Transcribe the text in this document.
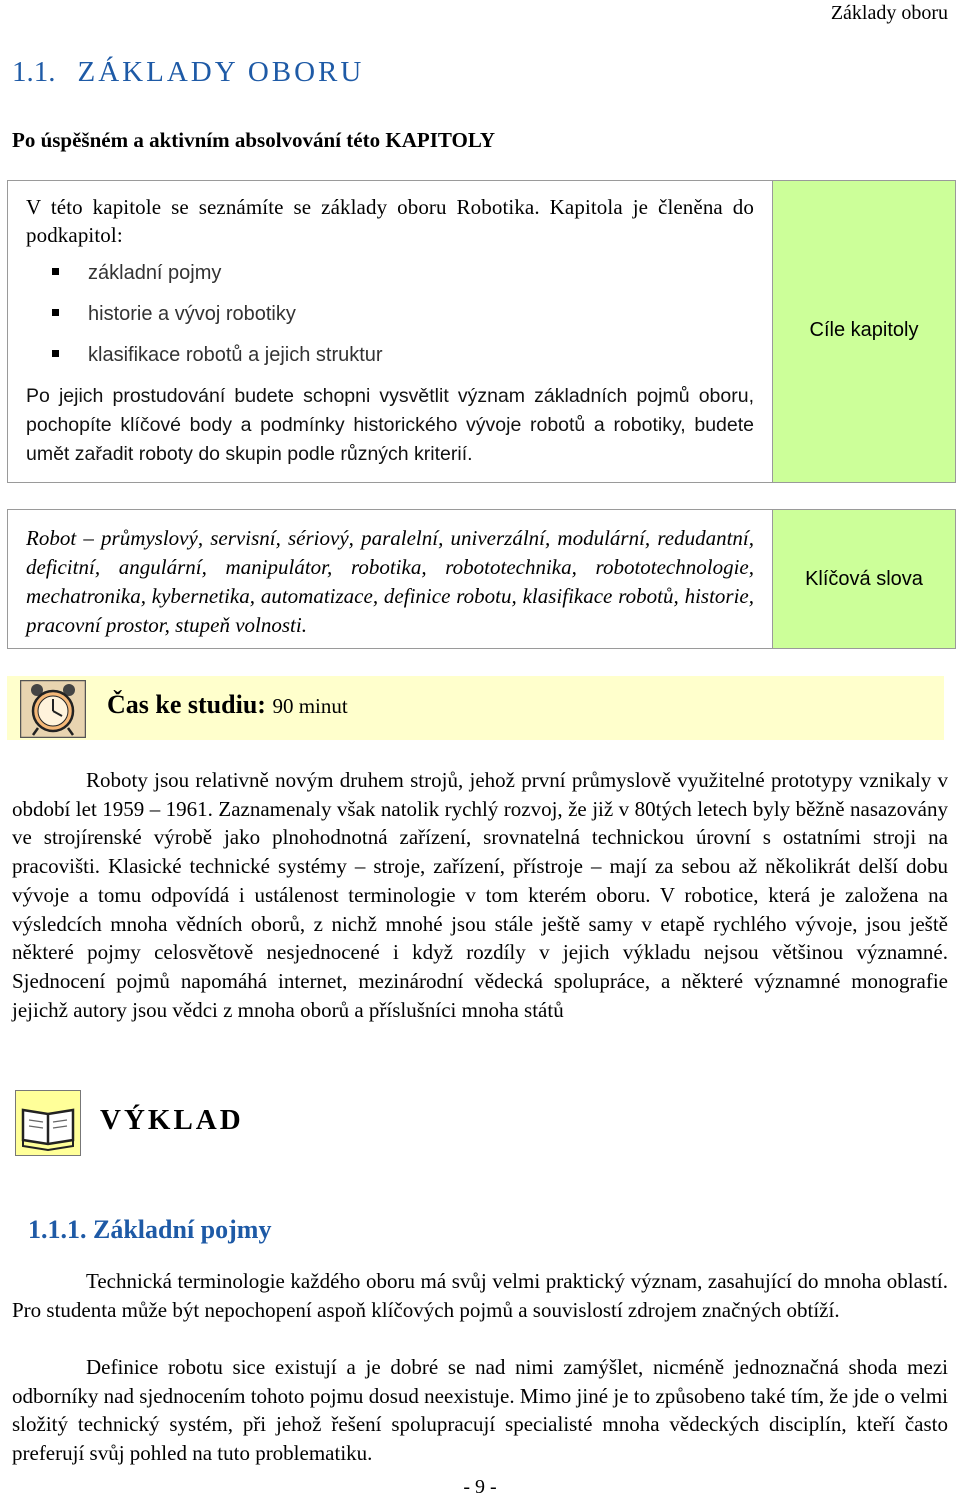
Základy oboru
1.1. ZÁKLADY OBORU
Po úspěšném a aktivním absolvování této KAPITOLY

V této kapitole se seznámíte se základy oboru Robotika. Kapitola je členěna do podkapitol:

základní pojmy
historie a vývoj robotiky
klasifikace robotů a jejich struktur

Po jejich prostudování budete schopni vysvětlit význam základních pojmů oboru, pochopíte klíčové body a podmínky historického vývoje robotů a robotiky, budete umět zařadit roboty do skupin podle různých kriterií.

Cíle kapitoly

Robot – průmyslový, servisní, sériový, paralelní, univerzální, modulární, redudantní, deficitní, angulární, manipulátor, robotika, robototechnika, robototechnologie, mechatronika, kybernetika, automatizace, definice robotu, klasifikace robotů, historie, pracovní prostor, stupeň volnosti.

Klíčová slova
Čas ke studiu: 90 minut

Roboty jsou relativně novým druhem strojů, jehož první průmyslově využitelné prototypy vznikaly v období let 1959 – 1961. Zaznamenaly však natolik rychlý rozvoj, že již v 80tých letech byly běžně nasazovány ve strojírenské výrobě jako plnohodnotná zařízení, srovnatelná technickou úrovní s ostatními stroji na pracovišti. Klasické technické systémy – stroje, zařízení, přístroje – mají za sebou až několikrát delší dobu vývoje a tomu odpovídá i ustálenost terminologie v tom kterém oboru. V robotice, která je založena na výsledcích mnoha vědních oborů, z nichž mnohé jsou stále ještě samy v etapě rychlého vývoje, jsou ještě některé pojmy celosvětově nesjednocené i když rozdíly v jejich výkladu nejsou většinou významné. Sjednocení pojmů napomáhá internet, mezinárodní vědecká spolupráce, a některé významné monografie jejichž autory jsou vědci z mnoha oborů a příslušníci mnoha států

VÝKLAD
1.1.1. Základní pojmy

Technická terminologie každého oboru má svůj velmi praktický význam, zasahující do mnoha oblastí. Pro studenta může být nepochopení aspoň klíčových pojmů a souvislostí zdrojem značných obtíží.

Definice robotu sice existují a je dobré se nad nimi zamýšlet, nicméně jednoznačná shoda mezi odborníky nad sjednocením tohoto pojmu dosud neexistuje. Mimo jiné je to způsobeno také tím, že jde o velmi složitý technický systém, při jehož řešení spolupracují specialisté mnoha vědeckých disciplín, kteří často preferují svůj pohled na tuto problematiku.

- 9 -
